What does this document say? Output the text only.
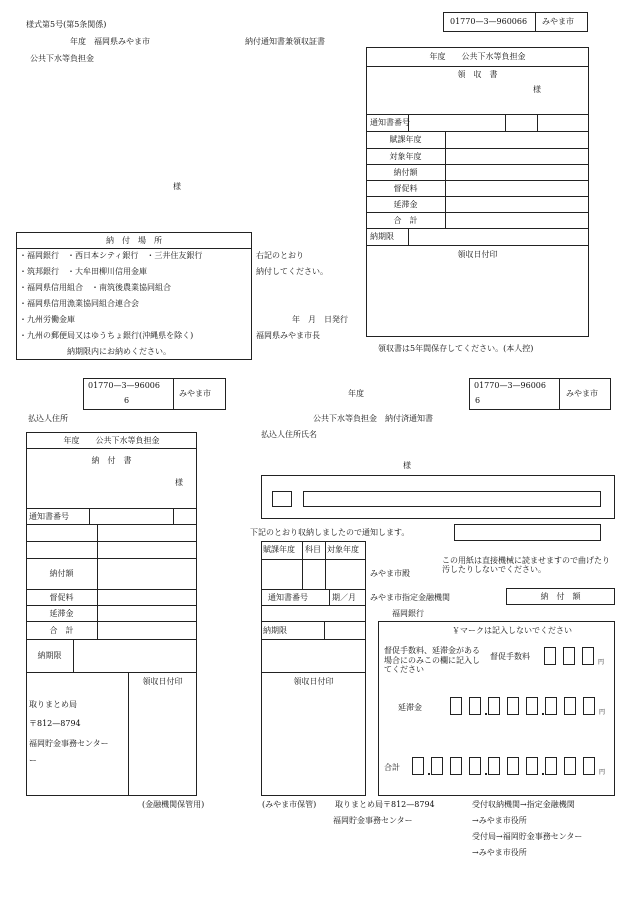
様式第5号(第5条関係)
年度　福岡県みやま市	納付通知書兼領収証書
公共下水等負担金
01770—3—960066 みやま市
年度　　公共下水等負担金
領　収　書
様
通知書番号
賦課年度
対象年度
納付額
督促料
延滞金
合　計
納期限
領収日付印
領収書は5年間保存してください。(本人控)
様
納　付　場　所
・福岡銀行　・西日本シティ銀行　・三井住友銀行
・筑邦銀行　・大牟田柳川信用金庫
・福岡県信用組合　・南筑後農業協同組合
・福岡県信用漁業協同組合連合会
・九州労働金庫
・九州の郵便局又はゆうちょ銀行(沖縄県を除く)
納期限内にお納めください。
右記のとおり
納付してください。
年　月　日発行
福岡県みやま市長
01770—3—96006
6
みやま市	年度
01770—3—96006
6
みやま市
払込人住所	公共下水等負担金　納付済通知書
払込人住所氏名
様
年度　　公共下水等負担金
納　付　書
様
通知書番号
納付額
督促料
延滞金
合　計
納期限
領収日付印
取りまとめ局
〒812—8794
福岡貯金事務センター
ー
(金融機関保管用)
下記のとおり収納しましたので通知します。
この用紙は直接機械に読ませますので曲げたり汚したりしないでください。
賦課年度 科目 対象年度
通知書番号	期／月
納期限
領収日付印
(みやま市保管) 取りまとめ局〒812—8794
福岡貯金事務センター
みやま市殿
みやま市指定金融機関
福岡銀行
納　付　額
￥マークは記入しないでください
督促手数料、延滞金がある場合にのみこの欄に記入してください
督促手数料
円
延滞金
円
合計
円
受付収納機関→指定金融機関
→みやま市役所
受付局→福岡貯金事務センター
→みやま市役所
